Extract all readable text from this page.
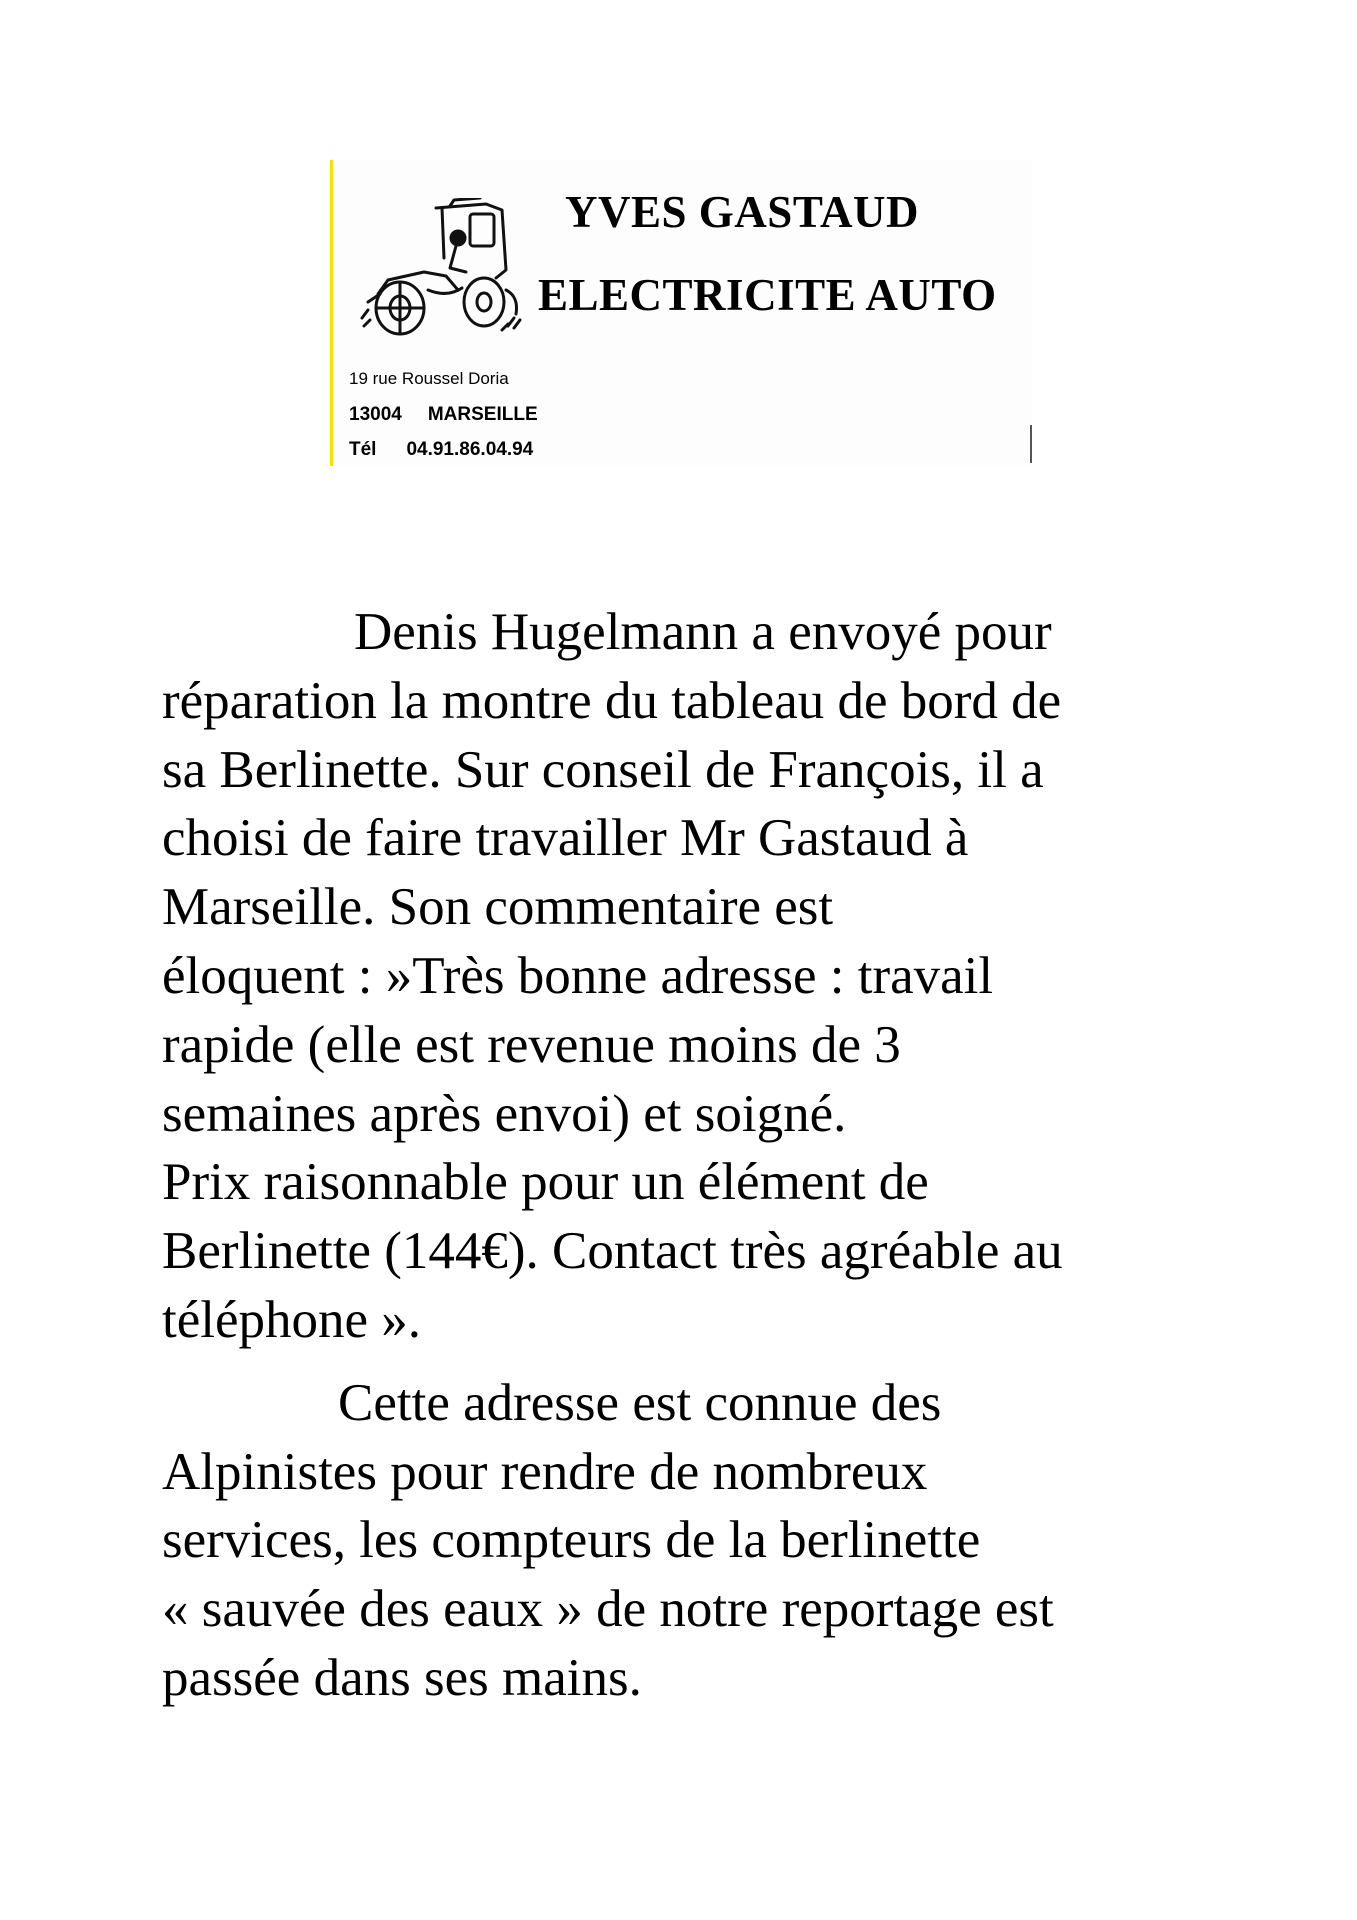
YVES GASTAUD
ELECTRICITE AUTO

19 rue Roussel Doria

13004 MARSEILLE

Tél 04.91.86.04.94

Denis Hugelmann a envoyé pour
réparation la montre du tableau de bord de
sa Berlinette. Sur conseil de François, il a
choisi de faire travailler Mr Gastaud à
Marseille. Son commentaire est
éloquent : »Très bonne adresse : travail
rapide (elle est revenue moins de 3
semaines après envoi) et soigné.
Prix raisonnable pour un élément de
Berlinette (144€). Contact très agréable au
téléphone ».

Cette adresse est connue des
Alpinistes pour rendre de nombreux
services, les compteurs de la berlinette
« sauvée des eaux » de notre reportage est
passée dans ses mains.
